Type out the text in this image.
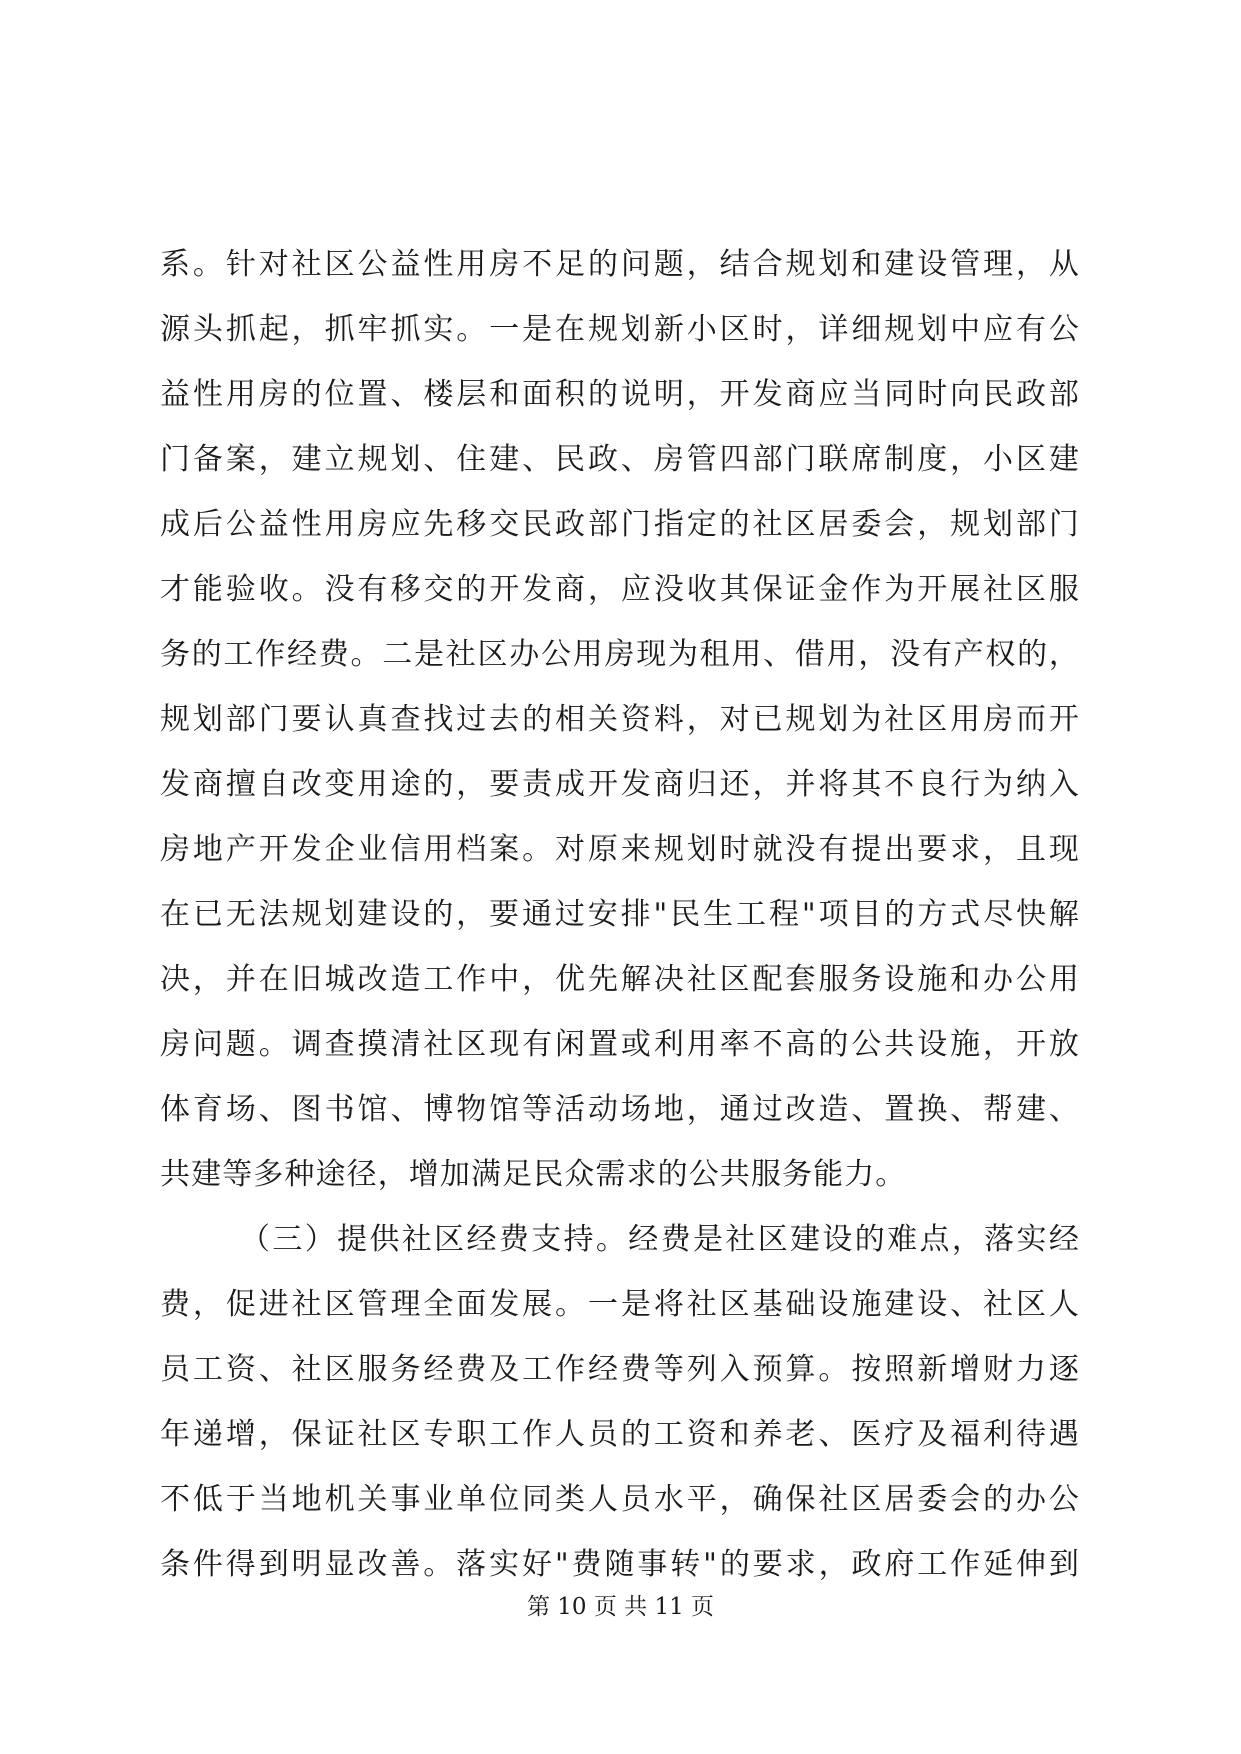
系。针对社区公益性用房不足的问题，结合规划和建设管理，从
源头抓起，抓牢抓实。一是在规划新小区时，详细规划中应有公
益性用房的位置、楼层和面积的说明，开发商应当同时向民政部
门备案，建立规划、住建、民政、房管四部门联席制度，小区建
成后公益性用房应先移交民政部门指定的社区居委会，规划部门
才能验收。没有移交的开发商，应没收其保证金作为开展社区服
务的工作经费。二是社区办公用房现为租用、借用，没有产权的，
规划部门要认真查找过去的相关资料，对已规划为社区用房而开
发商擅自改变用途的，要责成开发商归还，并将其不良行为纳入
房地产开发企业信用档案。对原来规划时就没有提出要求，且现
在已无法规划建设的，要通过安排"民生工程"项目的方式尽快解
决，并在旧城改造工作中，优先解决社区配套服务设施和办公用
房问题。调查摸清社区现有闲置或利用率不高的公共设施，开放
体育场、图书馆、博物馆等活动场地，通过改造、置换、帮建、
共建等多种途径，增加满足民众需求的公共服务能力。
（三）提供社区经费支持。经费是社区建设的难点，落实经
费，促进社区管理全面发展。一是将社区基础设施建设、社区人
员工资、社区服务经费及工作经费等列入预算。按照新增财力逐
年递增，保证社区专职工作人员的工资和养老、医疗及福利待遇
不低于当地机关事业单位同类人员水平，确保社区居委会的办公
条件得到明显改善。落实好"费随事转"的要求，政府工作延伸到
第 10 页 共 11 页
